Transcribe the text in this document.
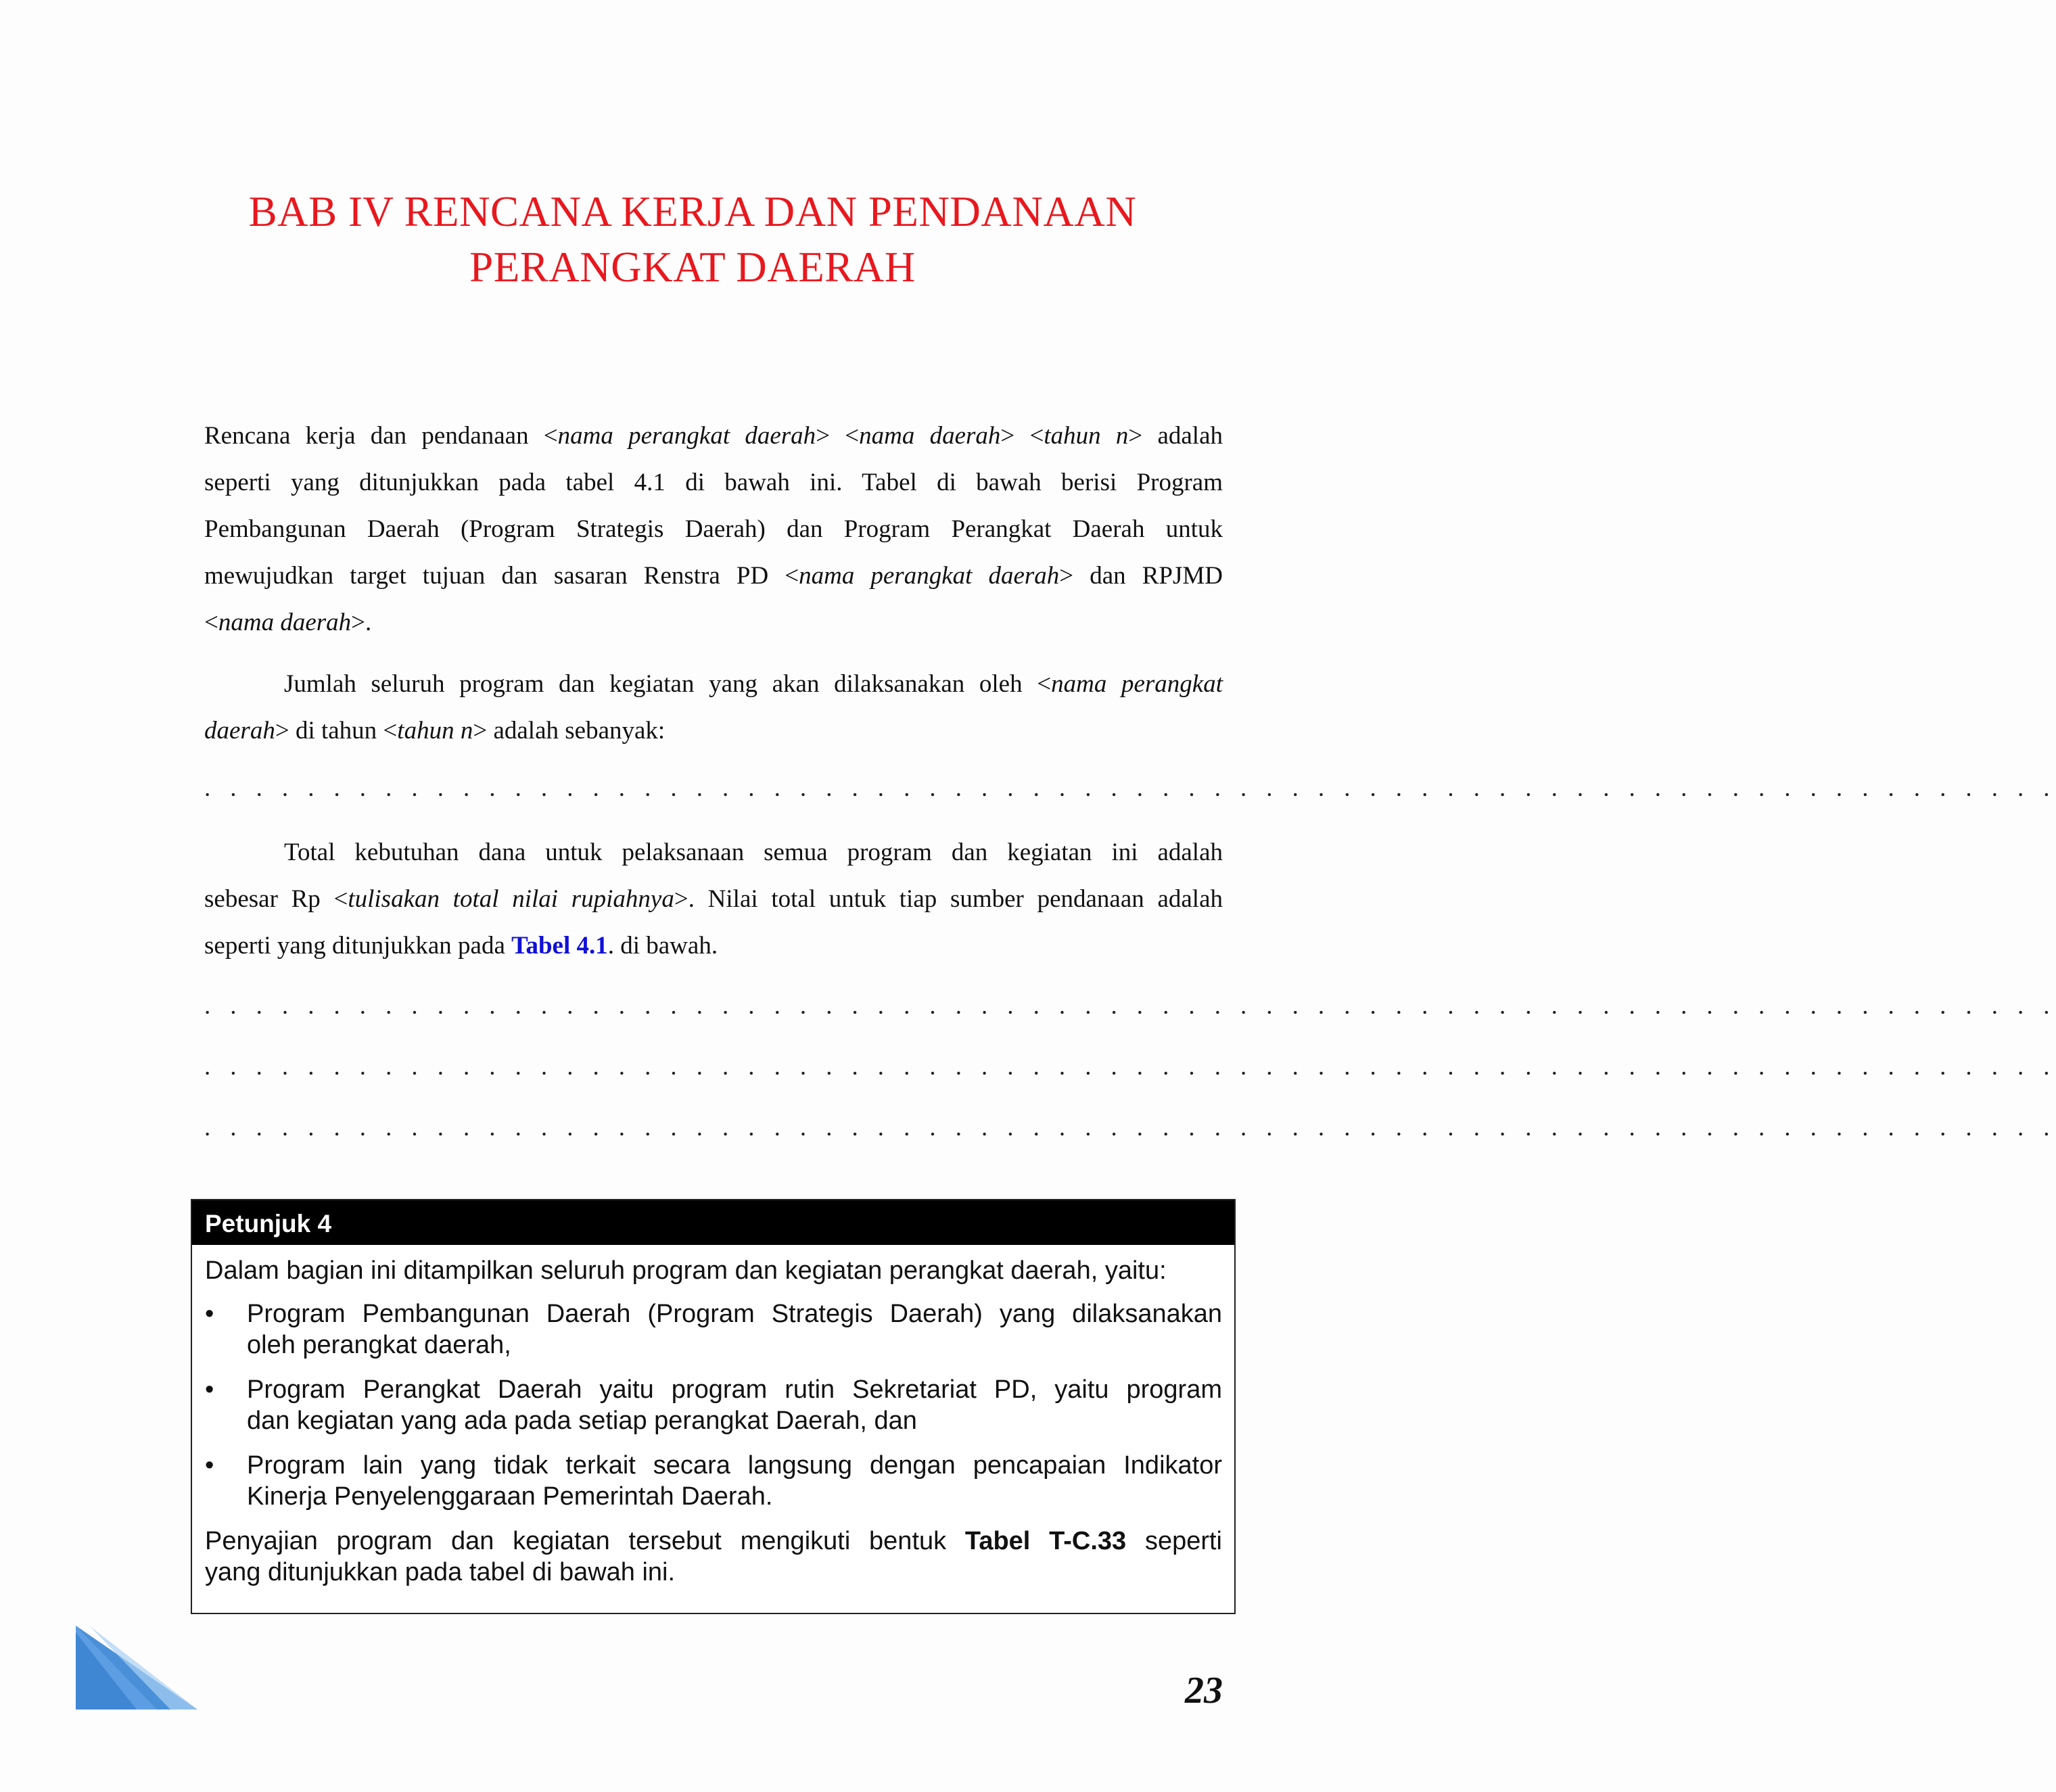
BAB IV RENCANA KERJA DAN PENDANAAN
PERANGKAT DAERAH
Rencana kerja dan pendanaan <nama perangkat daerah> <nama daerah> <tahun n> adalah
seperti yang ditunjukkan pada tabel 4.1 di bawah ini. Tabel di bawah berisi Program
Pembangunan Daerah (Program Strategis Daerah) dan Program Perangkat Daerah untuk
mewujudkan target tujuan dan sasaran Renstra PD <nama perangkat daerah> dan RPJMD
<nama daerah>.
Jumlah seluruh program dan kegiatan yang akan dilaksanakan oleh <nama perangkat
daerah> di tahun <tahun n> adalah sebanyak:
. . . . . . . . . . . . . . . . . . . . . . . . . . . . . . . . . . . . . . . . . . . . . . . . . . . . . . . . . . . . . . . . . . . . . . . .
Total kebutuhan dana untuk pelaksanaan semua program dan kegiatan ini adalah
sebesar Rp <tulisakan total nilai rupiahnya>. Nilai total untuk tiap sumber pendanaan adalah
seperti yang ditunjukkan pada Tabel 4.1. di bawah.
. . . . . . . . . . . . . . . . . . . . . . . . . . . . . . . . . . . . . . . . . . . . . . . . . . . . . . . . . . . . . . . . . . . . . . . .
. . . . . . . . . . . . . . . . . . . . . . . . . . . . . . . . . . . . . . . . . . . . . . . . . . . . . . . . . . . . . . . . . . . . . . . .
. . . . . . . . . . . . . . . . . . . . . . . . . . . . . . . . . . . . . . . . . . . . . . . . . . . . . . . . . . . . . . . . . . . . . . . .
Petunjuk 4

Dalam bagian ini ditampilkan seluruh program dan kegiatan perangkat daerah, yaitu:

• Program Pembangunan Daerah (Program Strategis Daerah) yang dilaksanakan
oleh perangkat daerah,
• Program Perangkat Daerah yaitu program rutin Sekretariat PD, yaitu program
dan kegiatan yang ada pada setiap perangkat Daerah, dan
• Program lain yang tidak terkait secara langsung dengan pencapaian Indikator
Kinerja Penyelenggaraan Pemerintah Daerah.

Penyajian program dan kegiatan tersebut mengikuti bentuk Tabel T-C.33 seperti
yang ditunjukkan pada tabel di bawah ini.

23
